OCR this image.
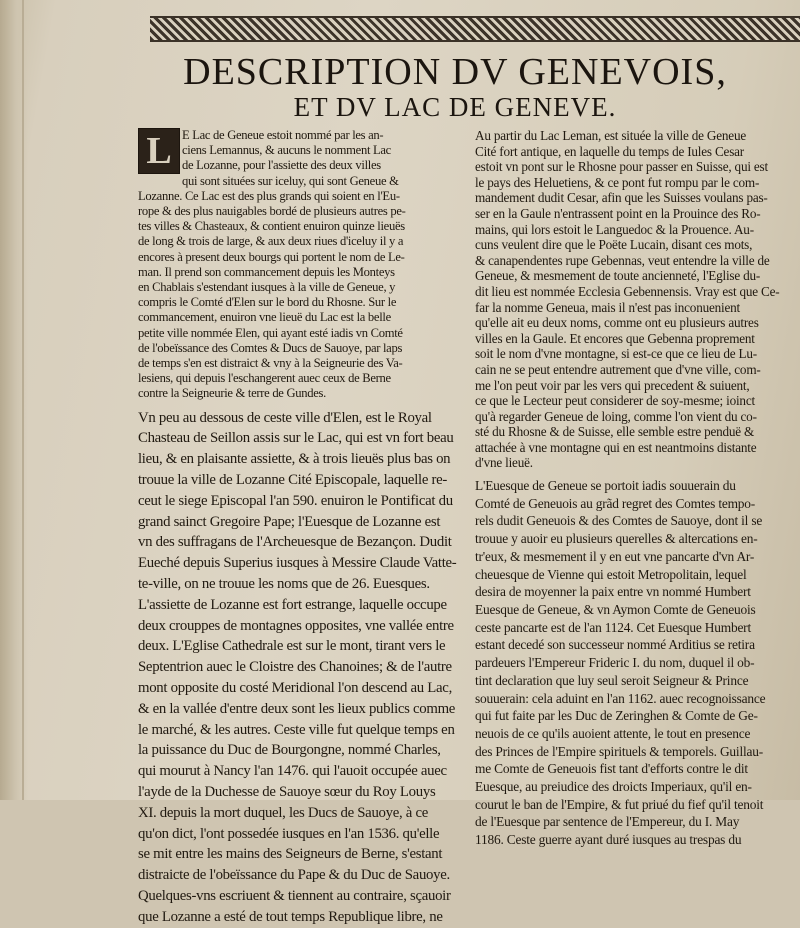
DESCRIPTION DV GENEVOIS,
ET DV LAC DE GENEVE.
L E Lac de Geneue estoit nommé par les an-
ciens Lemannus, & aucuns le nomment Lac
de Lozanne, pour l'assiette des deux villes
qui sont situées sur iceluy, qui sont Geneue &
Lozanne. Ce Lac est des plus grands qui soient en l'Eu-
rope & des plus nauigables bordé de plusieurs autres pe-
tes villes & Chasteaux, & contient enuiron quinze lieuës
de long & trois de large, & aux deux riues d'iceluy il y a
encores à present deux bourgs qui portent le nom de Le-
man. Il prend son commancement depuis les Monteys
en Chablais s'estendant iusques à la ville de Geneue, y
compris le Comté d'Elen sur le bord du Rhosne. Sur le
commancement, enuiron vne lieuë du Lac est la belle
petite ville nommée Elen, qui ayant esté iadis vn Comté
de l'obeïssance des Comtes & Ducs de Sauoye, par laps
de temps s'en est distraict & vny à la Seigneurie des Va-
lesiens, qui depuis l'eschangerent auec ceux de Berne
contre la Seigneurie & terre de Gundes.
Vn peu au dessous de ceste ville d'Elen, est le Royal
Chasteau de Seillon assis sur le Lac, qui est vn fort beau
lieu, & en plaisante assiette, & à trois lieuës plus bas on
trouue la ville de Lozanne Cité Episcopale, laquelle re-
ceut le siege Episcopal l'an 590. enuiron le Pontificat du
grand sainct Gregoire Pape; l'Euesque de Lozanne est
vn des suffragans de l'Archeuesque de Bezançon. Dudit
Eueché depuis Superius iusques à Messire Claude Vatte-
te-ville, on ne trouue les noms que de 26. Euesques.
L'assiette de Lozanne est fort estrange, laquelle occupe
deux crouppes de montagnes opposites, vne vallée entre
deux. L'Eglise Cathedrale est sur le mont, tirant vers le
Septentrion auec le Cloistre des Chanoines; & de l'autre
mont opposite du costé Meridional l'on descend au Lac,
& en la vallée d'entre deux sont les lieux publics comme
le marché, & les autres. Ceste ville fut quelque temps en
la puissance du Duc de Bourgongne, nommé Charles,
qui mourut à Nancy l'an 1476. qui l'auoit occupée auec
l'ayde de la Duchesse de Sauoye sœur du Roy Louys
XI. depuis la mort duquel, les Ducs de Sauoye, à ce
qu'on dict, l'ont possedée iusques en l'an 1536. qu'elle
se mit entre les mains des Seigneurs de Berne, s'estant
distraicte de l'obeïssance du Pape & du Duc de Sauoye.
Quelques-vns escriuent & tiennent au contraire, sçauoir
que Lozanne a esté de tout temps Republique libre, ne
Au partir du Lac Leman, est située la ville de Geneue
Cité fort antique, en laquelle du temps de Iules Cesar
estoit vn pont sur le Rhosne pour passer en Suisse, qui est
le pays des Heluetiens, & ce pont fut rompu par le com-
mandement dudit Cesar, afin que les Suisses voulans pas-
ser en la Gaule n'entrassent point en la Prouince des Ro-
mains, qui lors estoit le Languedoc & la Prouence. Au-
cuns veulent dire que le Poëte Lucain, disant ces mots,
& canapendentes rupe Gebennas, veut entendre la ville de
Geneue, & mesmement de toute ancienneté, l'Eglise du-
dit lieu est nommée Ecclesia Gebennensis. Vray est que Ce-
far la nomme Geneua, mais il n'est pas inconuenient
qu'elle ait eu deux noms, comme ont eu plusieurs autres
villes en la Gaule. Et encores que Gebenna proprement
soit le nom d'vne montagne, si est-ce que ce lieu de Lu-
cain ne se peut entendre autrement que d'vne ville, com-
me l'on peut voir par les vers qui precedent & suiuent,
ce que le Lecteur peut considerer de soy-mesme; ioinct
qu'à regarder Geneue de loing, comme l'on vient du co-
sté du Rhosne & de Suisse, elle semble estre penduë &
attachée à vne montagne qui en est neantmoins distante
d'vne lieuë.
L'Euesque de Geneue se portoit iadis souuerain du
Comté de Geneuois au grãd regret des Comtes tempo-
rels dudit Geneuois & des Comtes de Sauoye, dont il se
trouue y auoir eu plusieurs querelles & altercations en-
tr'eux, & mesmement il y en eut vne pancarte d'vn Ar-
cheuesque de Vienne qui estoit Metropolitain, lequel
desira de moyenner la paix entre vn nommé Humbert
Euesque de Geneue, & vn Aymon Comte de Geneuois
ceste pancarte est de l'an 1124. Cet Euesque Humbert
estant decedé son successeur nommé Arditius se retira
pardeuers l'Empereur Frideric I. du nom, duquel il ob-
tint declaration que luy seul seroit Seigneur & Prince
souuerain: cela aduint en l'an 1162. auec recognoissance
qui fut faite par les Duc de Zeringhen & Comte de Ge-
neuois de ce qu'ils auoient attente, le tout en presence
des Princes de l'Empire spirituels & temporels. Guillau-
me Comte de Geneuois fist tant d'efforts contre le dit
Euesque, au preiudice des droicts Imperiaux, qu'il en-
courut le ban de l'Empire, & fut priué du fief qu'il tenoit
de l'Euesque par sentence de l'Empereur, du I. May
1186. Ceste guerre ayant duré iusques au trespas du
